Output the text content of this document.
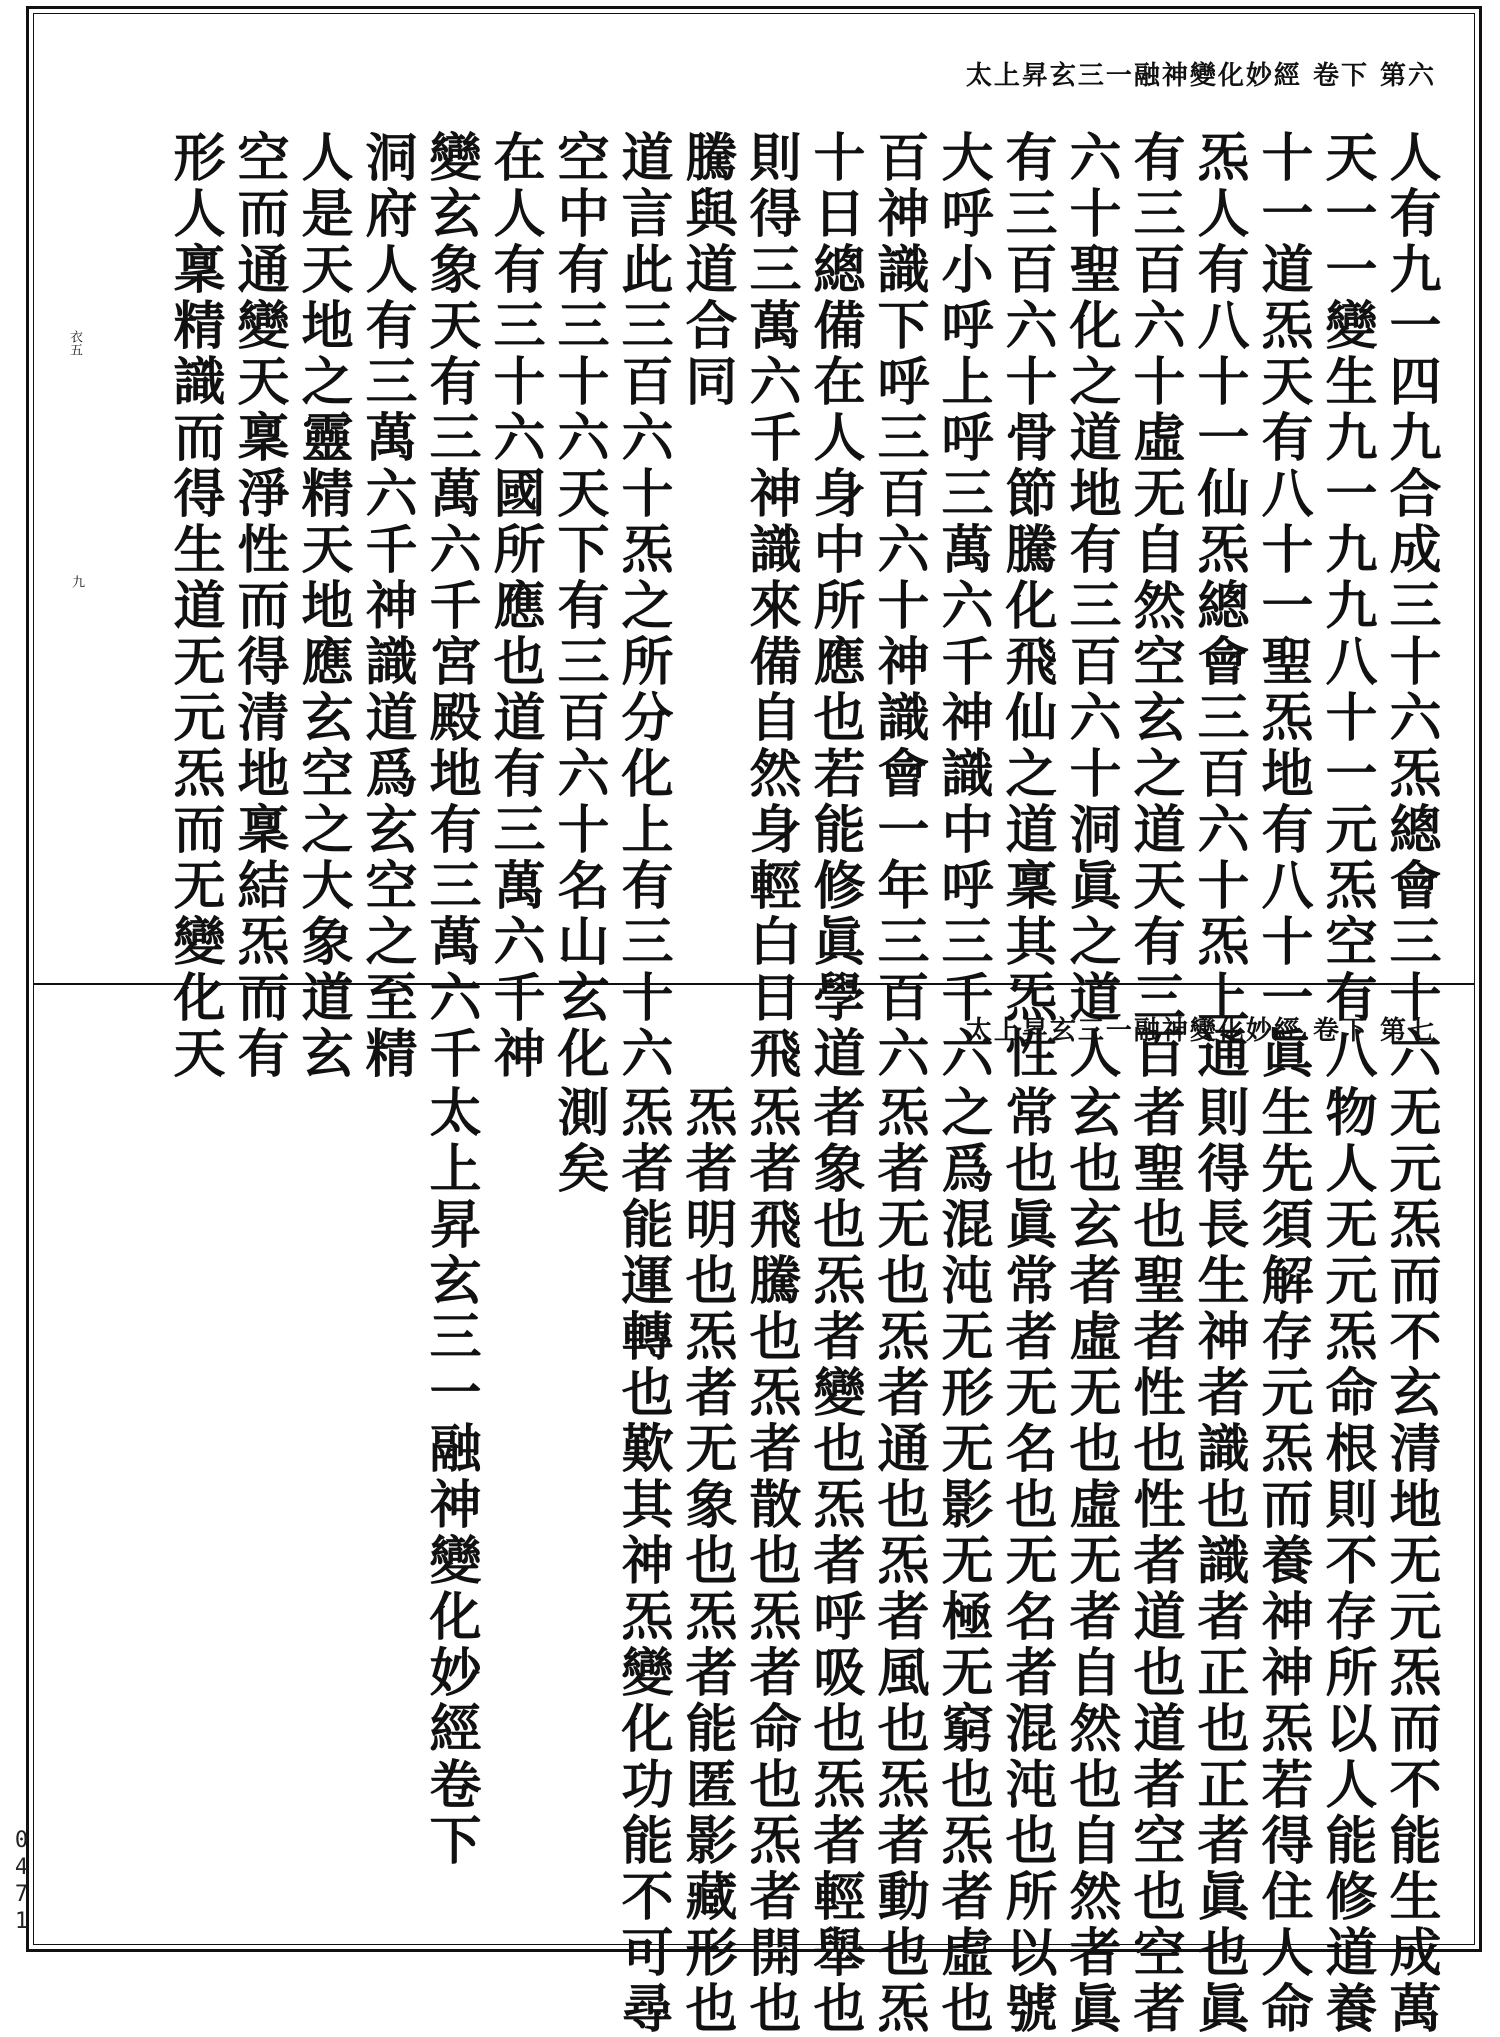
太上昇玄三一融神變化妙經 卷下 第六
人有九一四九合成三十六炁總會三十六
天一一變生九一九九八十一元炁空有八
十一道炁天有八十一聖炁地有八十一眞
炁人有八十一仙炁總會三百六十炁上通
有三百六十虛无自然空玄之道天有三百
六十聖化之道地有三百六十洞眞之道人
有三百六十骨節騰化飛仙之道稟其炁性
大呼小呼上呼三萬六千神識中呼三千六
百神識下呼三百六十神識會一年三百六
十日總備在人身中所應也若能修眞學道
則得三萬六千神識來備自然身輕白日飛
騰與道合同
道言此三百六十炁之所分化上有三十六
空中有三十六天下有三百六十名山玄化
在人有三十六國所應也道有三萬六千神
變玄象天有三萬六千宮殿地有三萬六千
洞府人有三萬六千神識道爲玄空之至精
人是天地之靈精天地應玄空之大象道玄
空而通變天稟淨性而得清地稟結炁而有
形人稟精識而得生道无元炁而无變化天
衣五
九
太上昇玄三一融神變化妙經 卷下 第七
无元炁而不玄清地无元炁而不能生成萬
物人无元炁命根則不存所以人能修道養
生先須解存元炁而養神神炁若得住人命
則得長生神者識也識者正也正者眞也眞
者聖也聖者性也性者道也道者空也空者
玄也玄者虛无也虛无者自然也自然者眞
常也眞常者无名也无名者混沌也所以號
之爲混沌无形无影无極无窮也炁者虛也
炁者无也炁者通也炁者風也炁者動也炁
者象也炁者變也炁者呼吸也炁者輕舉也
炁者飛騰也炁者散也炁者命也炁者開也
炁者明也炁者无象也炁者能匿影藏形也
炁者能運轉也歎其神炁變化功能不可尋
測矣
太上昇玄三一融神變化妙經卷下
0471
